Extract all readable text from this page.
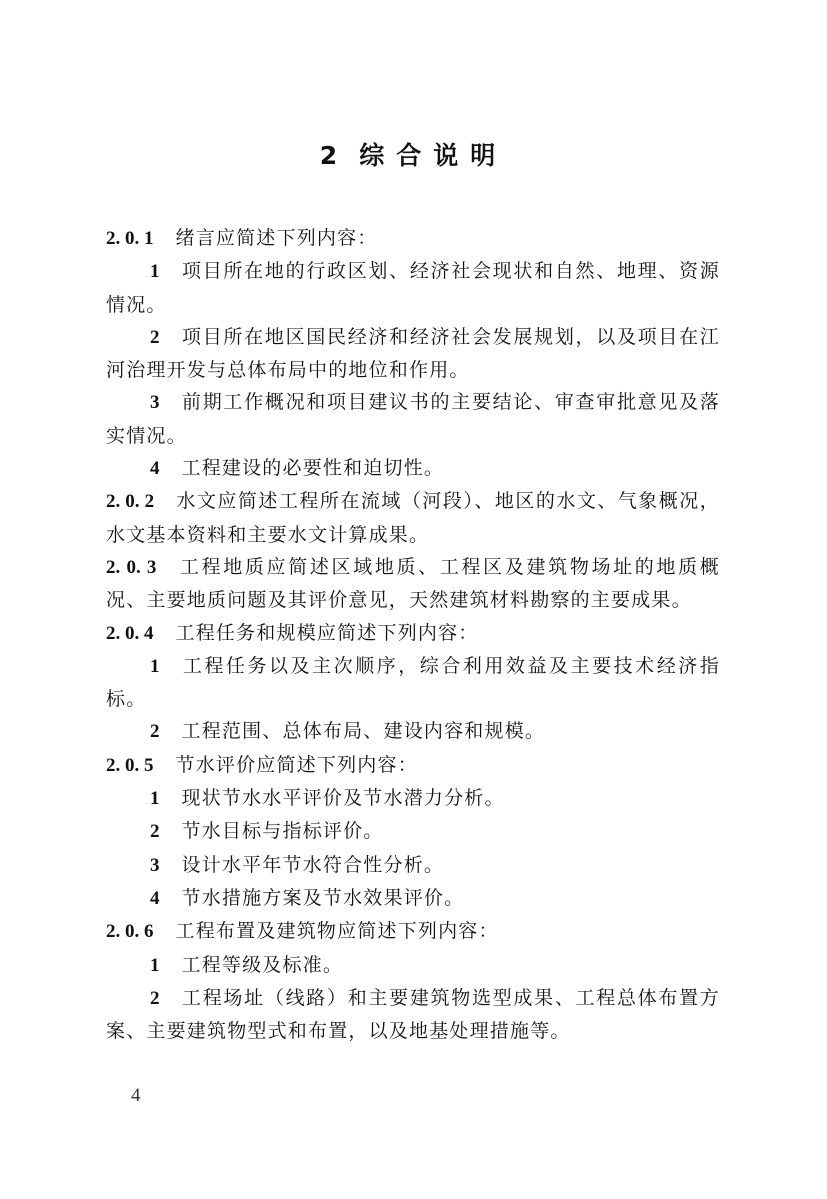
2 综合说明

2. 0. 1 绪言应简述下列内容：

1 项目所在地的行政区划、经济社会现状和自然、地理、资源情况。

2 项目所在地区国民经济和经济社会发展规划，以及项目在江河治理开发与总体布局中的地位和作用。

3 前期工作概况和项目建议书的主要结论、审查审批意见及落实情况。

4 工程建设的必要性和迫切性。

2. 0. 2 水文应简述工程所在流域（河段）、地区的水文、气象概况，水文基本资料和主要水文计算成果。

2. 0. 3 工程地质应简述区域地质、工程区及建筑物场址的地质概况、主要地质问题及其评价意见，天然建筑材料勘察的主要成果。

2. 0. 4 工程任务和规模应简述下列内容：

1 工程任务以及主次顺序，综合利用效益及主要技术经济指标。

2 工程范围、总体布局、建设内容和规模。

2. 0. 5 节水评价应简述下列内容：

1 现状节水水平评价及节水潜力分析。

2 节水目标与指标评价。

3 设计水平年节水符合性分析。

4 节水措施方案及节水效果评价。

2. 0. 6 工程布置及建筑物应简述下列内容：

1 工程等级及标准。

2 工程场址（线路）和主要建筑物选型成果、工程总体布置方案、主要建筑物型式和布置，以及地基处理措施等。

4
